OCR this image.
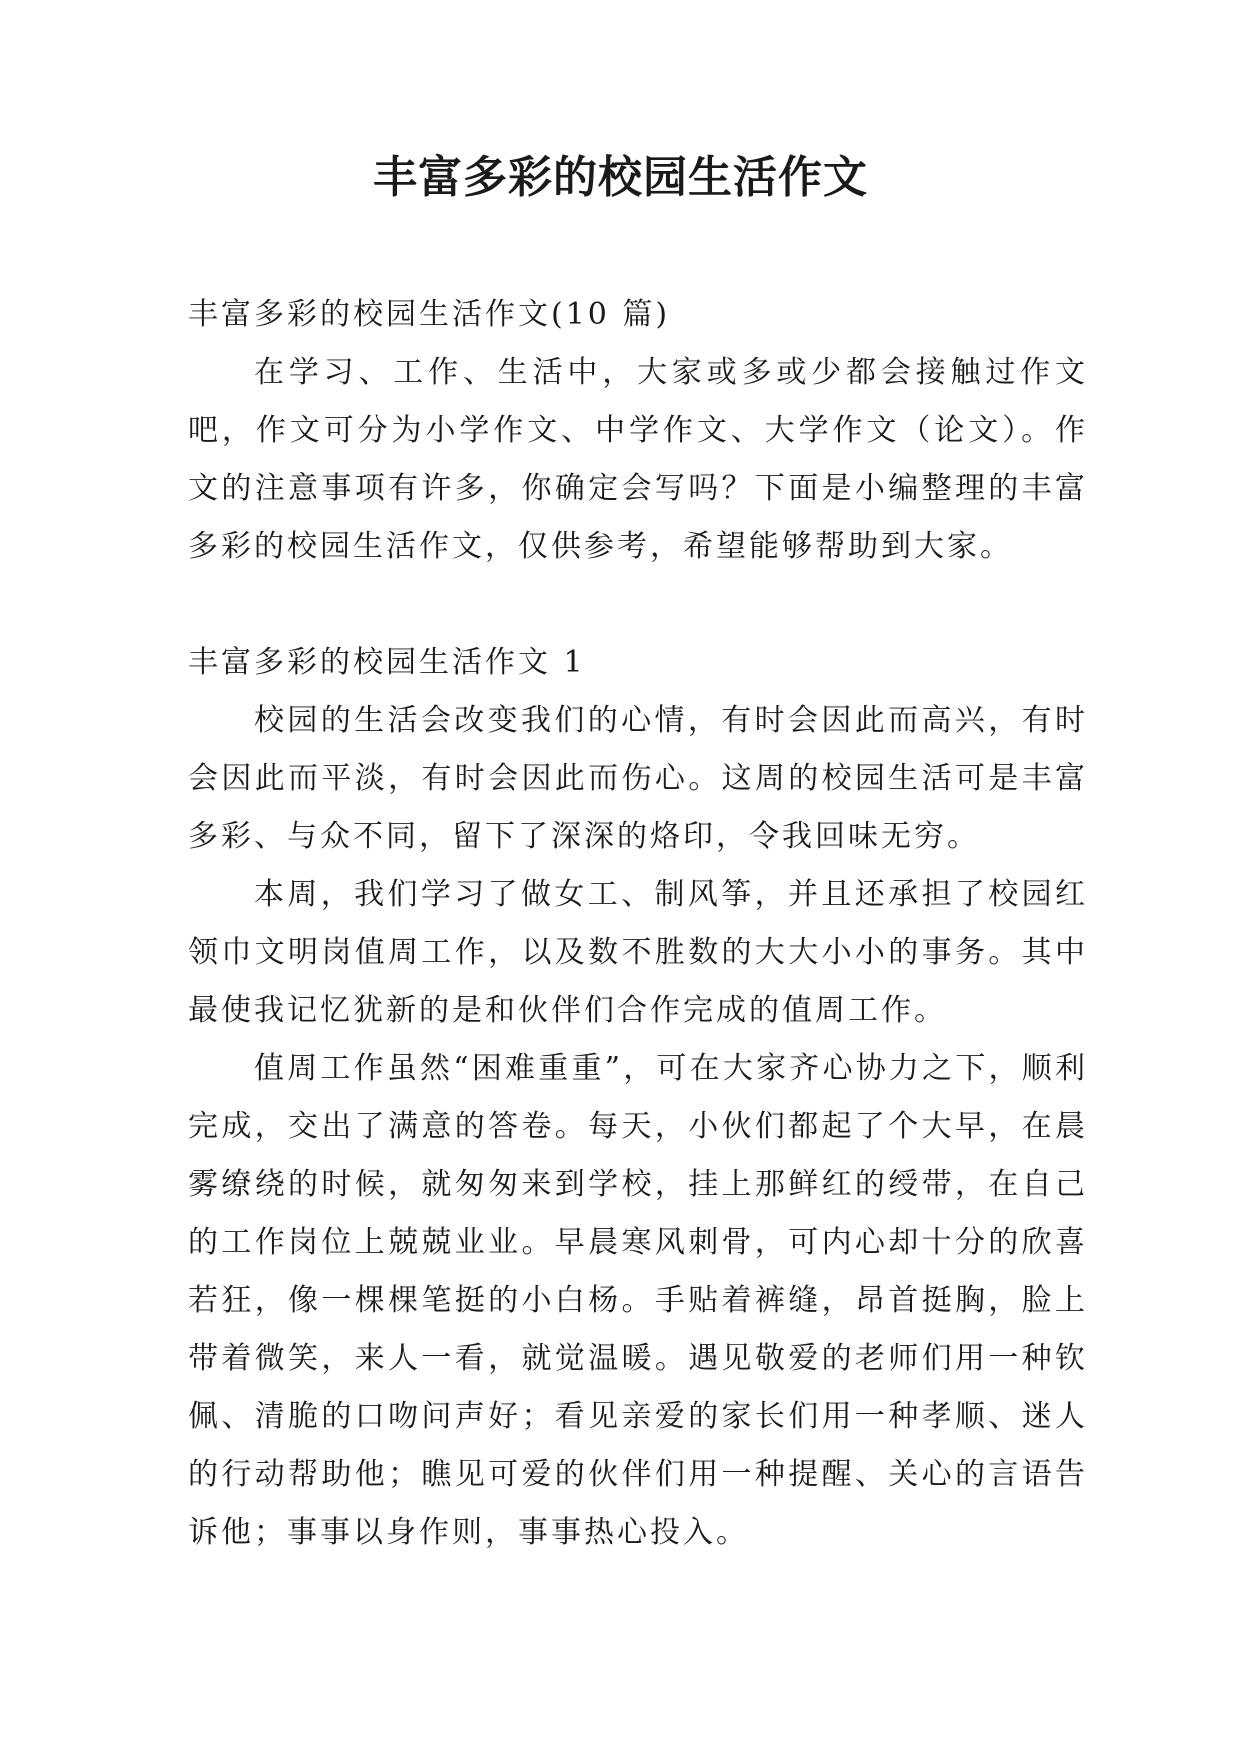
丰富多彩的校园生活作文

丰富多彩的校园生活作文(10 篇)

在学习、工作、生活中，大家或多或少都会接触过作文吧，作文可分为小学作文、中学作文、大学作文（论文）。作文的注意事项有许多，你确定会写吗？下面是小编整理的丰富多彩的校园生活作文，仅供参考，希望能够帮助到大家。

丰富多彩的校园生活作文 1

校园的生活会改变我们的心情，有时会因此而高兴，有时会因此而平淡，有时会因此而伤心。这周的校园生活可是丰富多彩、与众不同，留下了深深的烙印，令我回味无穷。

本周，我们学习了做女工、制风筝，并且还承担了校园红领巾文明岗值周工作，以及数不胜数的大大小小的事务。其中最使我记忆犹新的是和伙伴们合作完成的值周工作。

值周工作虽然“困难重重”，可在大家齐心协力之下，顺利完成，交出了满意的答卷。每天，小伙们都起了个大早，在晨雾缭绕的时候，就匆匆来到学校，挂上那鲜红的绶带，在自己的工作岗位上兢兢业业。早晨寒风刺骨，可内心却十分的欣喜若狂，像一棵棵笔挺的小白杨。手贴着裤缝，昂首挺胸，脸上带着微笑，来人一看，就觉温暖。遇见敬爱的老师们用一种钦佩、清脆的口吻问声好；看见亲爱的家长们用一种孝顺、迷人的行动帮助他；瞧见可爱的伙伴们用一种提醒、关心的言语告诉他；事事以身作则，事事热心投入。
